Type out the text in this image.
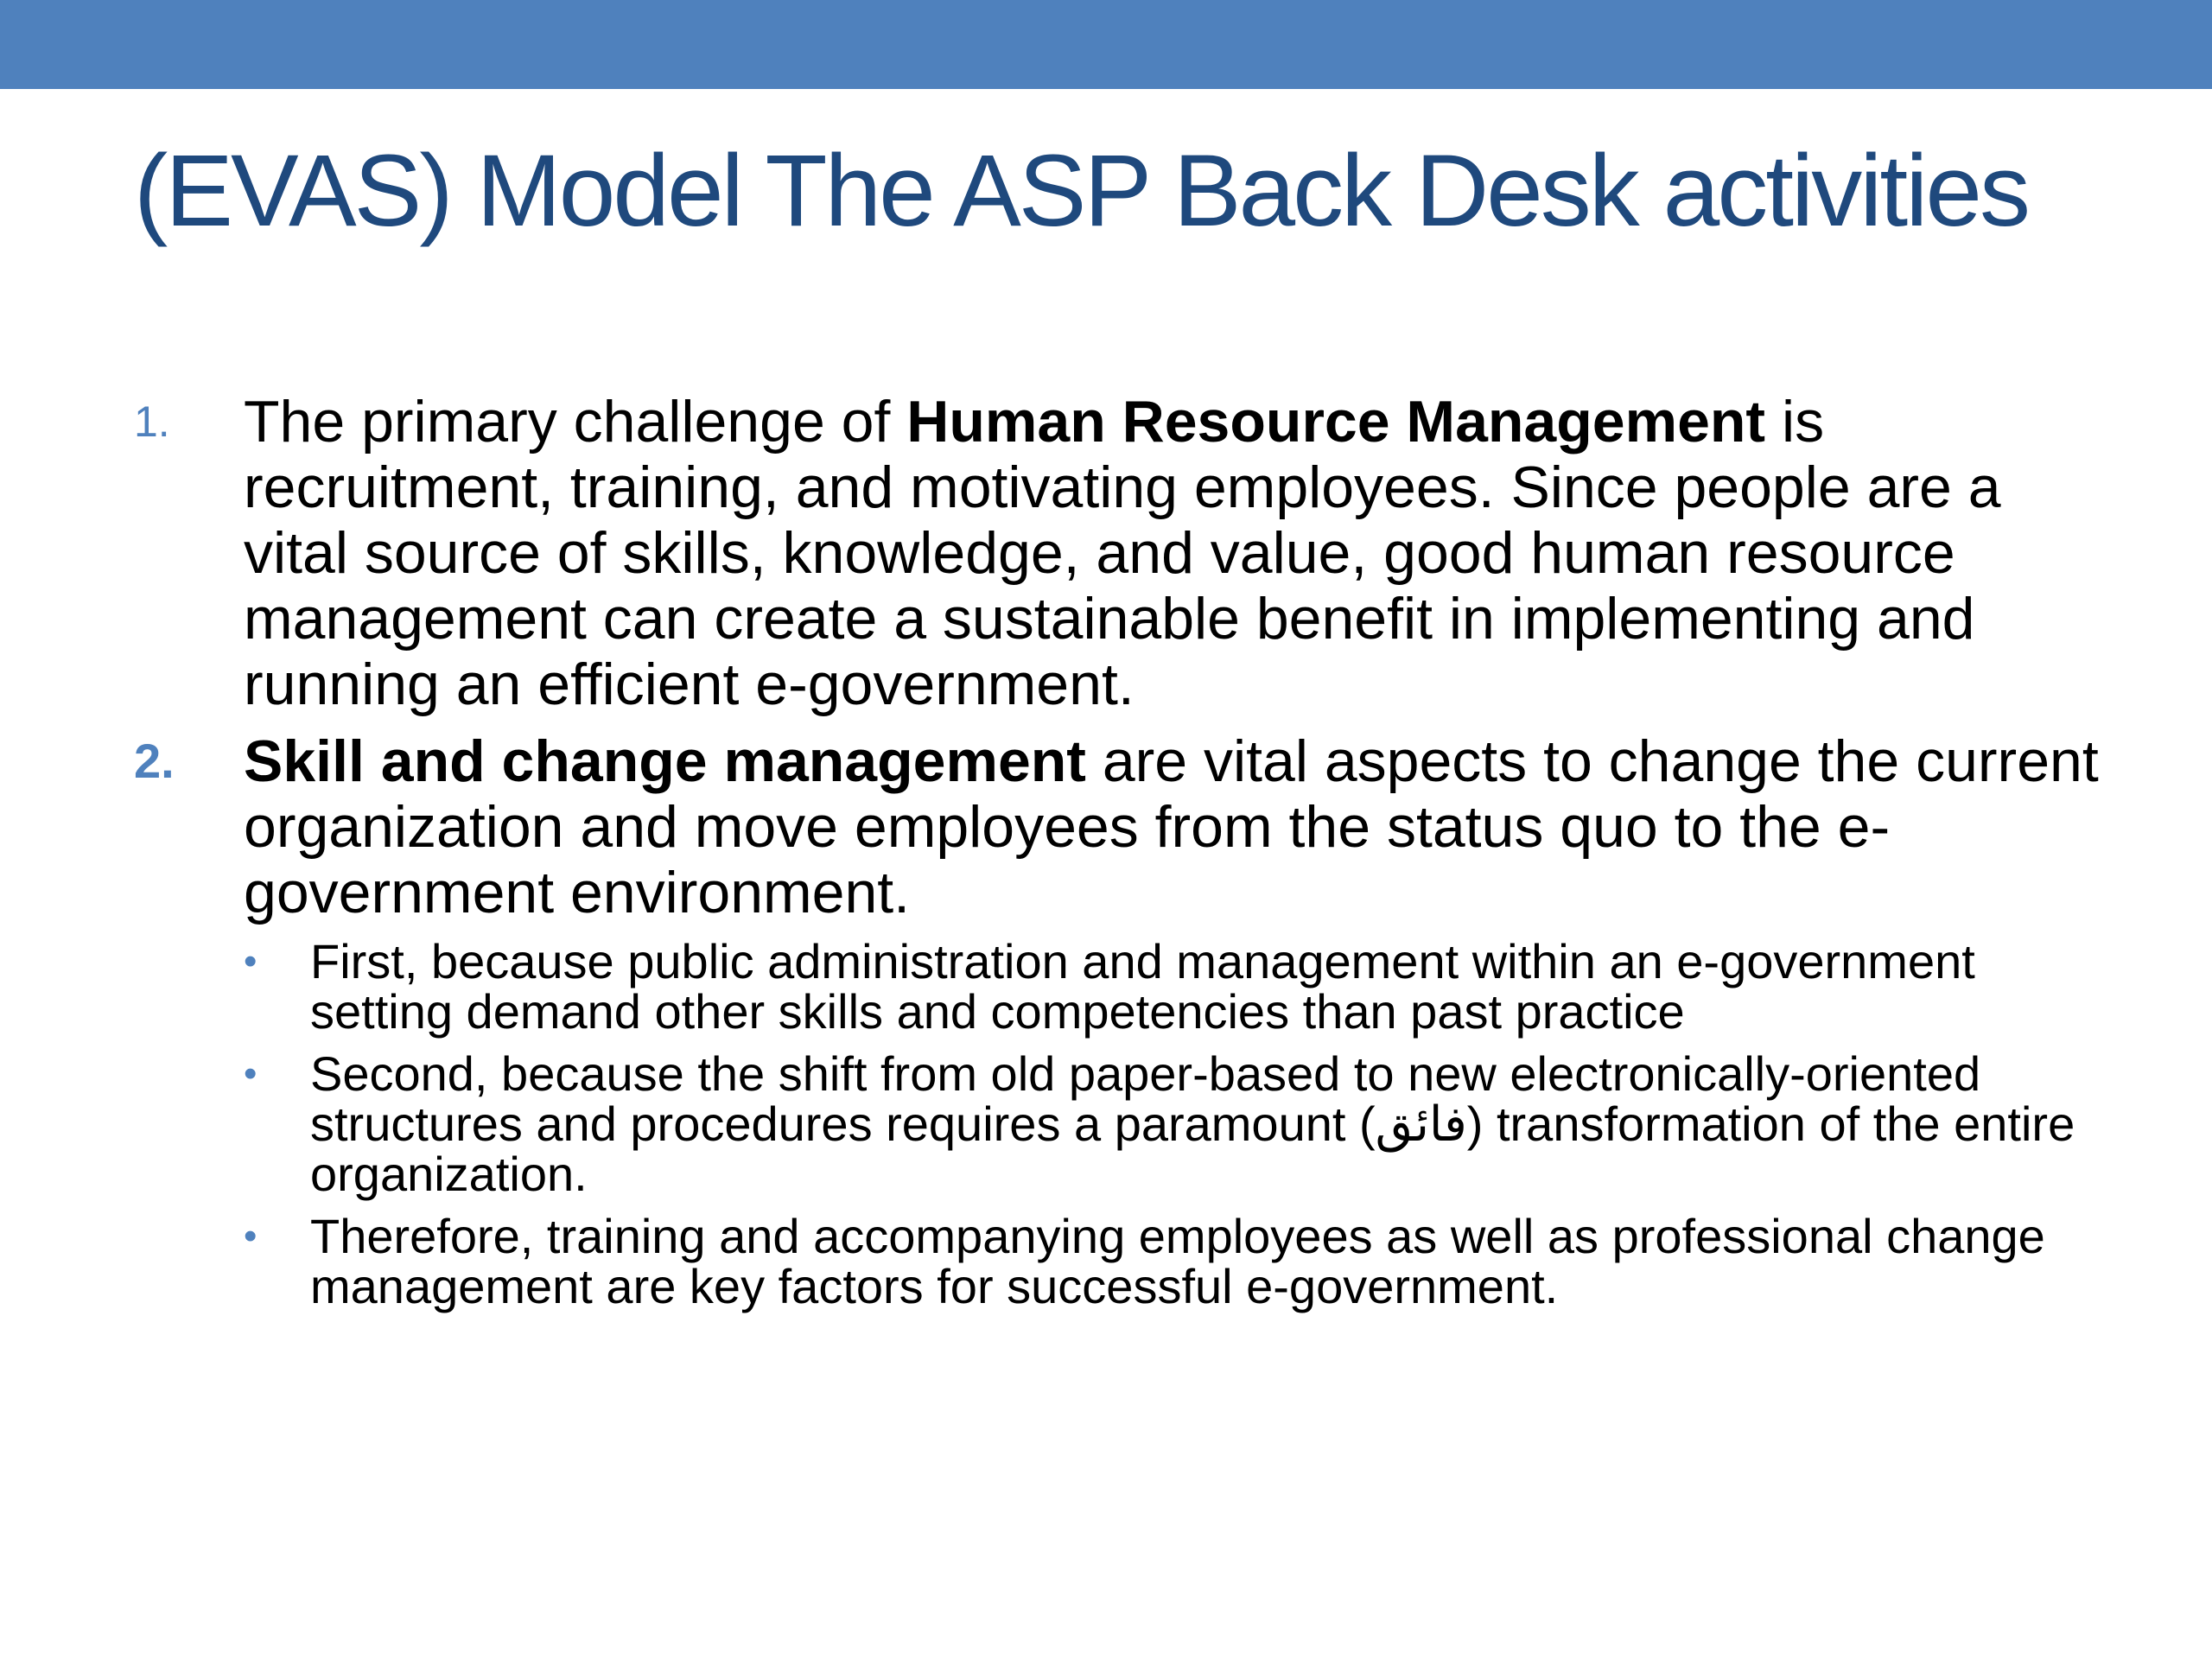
(EVAS) Model The ASP Back Desk activities
1. The primary challenge of Human Resource Management is recruitment, training, and motivating employees. Since people are a vital source of skills, knowledge, and value, good human resource management can create a sustainable benefit in implementing and running an efficient e-government.
2. Skill and change management are vital aspects to change the current organization and move employees from the status quo to the e-government environment.
• First, because public administration and management within an e-government setting demand other skills and competencies than past practice
• Second, because the shift from old paper-based to new electronically-oriented structures and procedures requires a paramount (فائق) transformation of the entire organization.
• Therefore, training and accompanying employees as well as professional change management are key factors for successful e-government.
